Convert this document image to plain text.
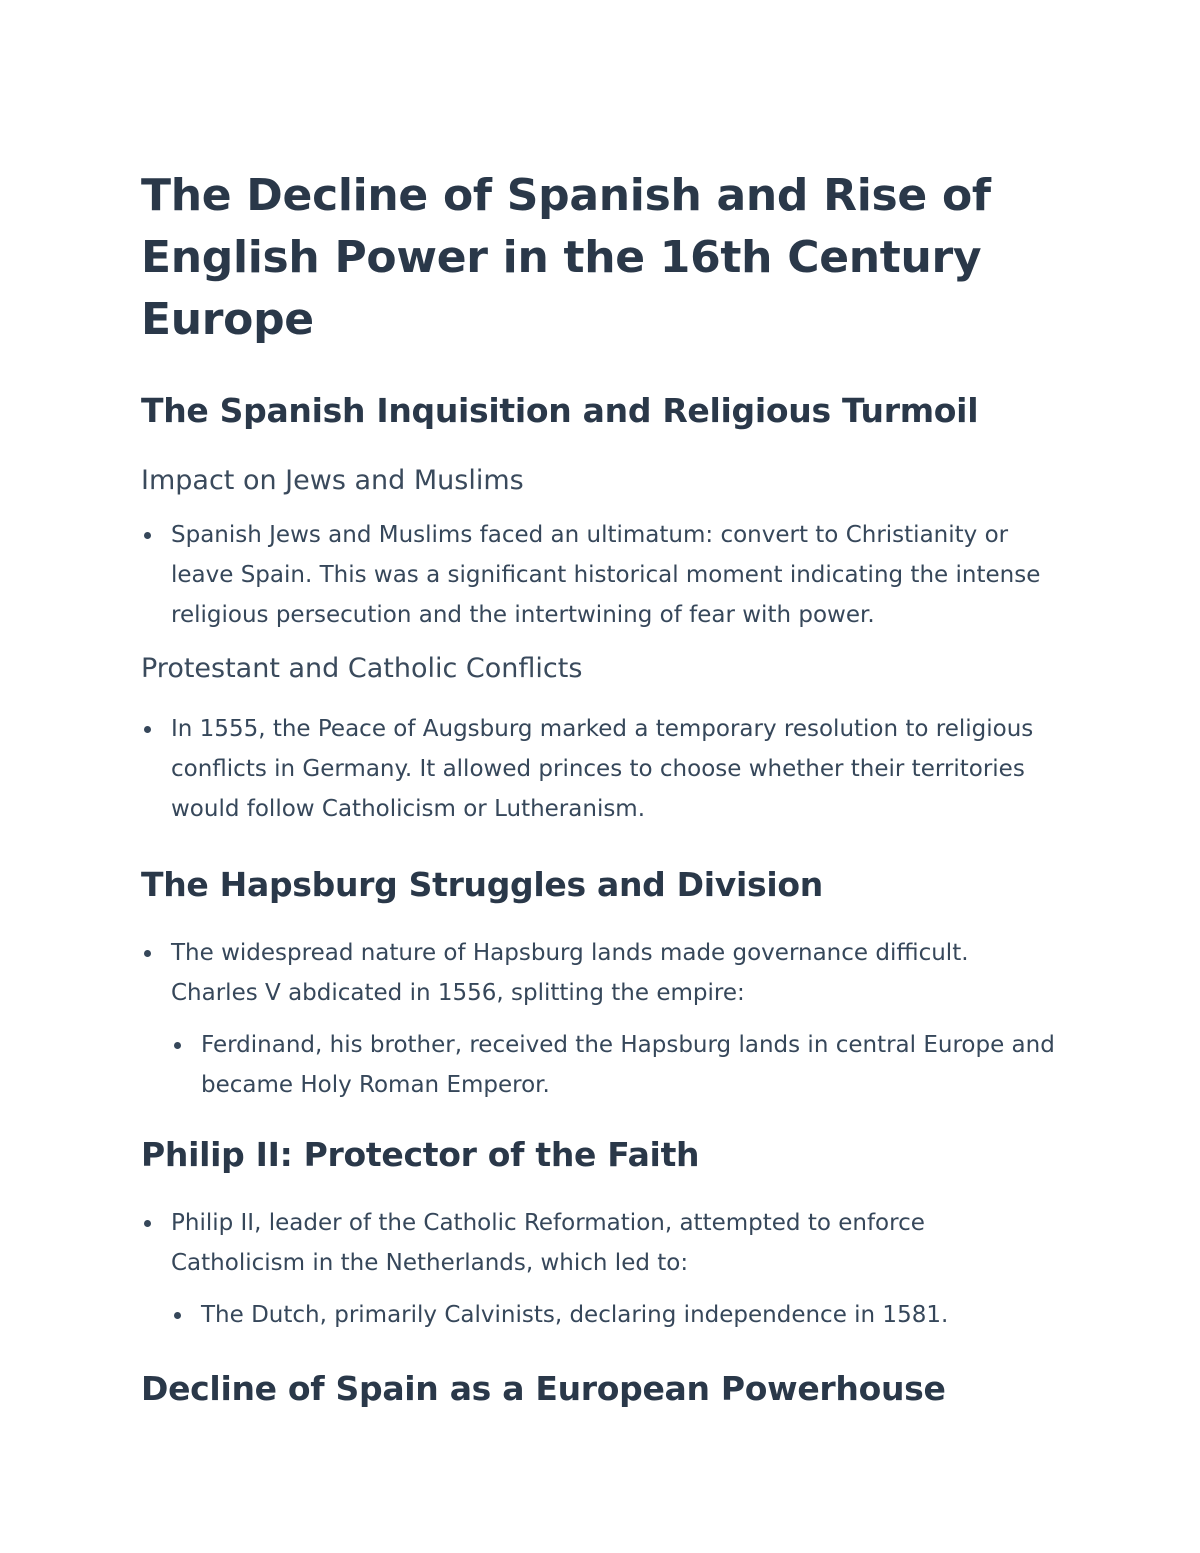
The Decline of Spanish and Rise of English Power in the 16th Century Europe
The Spanish Inquisition and Religious Turmoil
Impact on Jews and Muslims
Spanish Jews and Muslims faced an ultimatum: convert to Christianity or leave Spain. This was a significant historical moment indicating the intense religious persecution and the intertwining of fear with power.
Protestant and Catholic Conflicts
In 1555, the Peace of Augsburg marked a temporary resolution to religious conflicts in Germany. It allowed princes to choose whether their territories would follow Catholicism or Lutheranism.
The Hapsburg Struggles and Division
The widespread nature of Hapsburg lands made governance difficult. Charles V abdicated in 1556, splitting the empire:
Ferdinand, his brother, received the Hapsburg lands in central Europe and became Holy Roman Emperor.
Philip II: Protector of the Faith
Philip II, leader of the Catholic Reformation, attempted to enforce Catholicism in the Netherlands, which led to:
The Dutch, primarily Calvinists, declaring independence in 1581.
Decline of Spain as a European Powerhouse
